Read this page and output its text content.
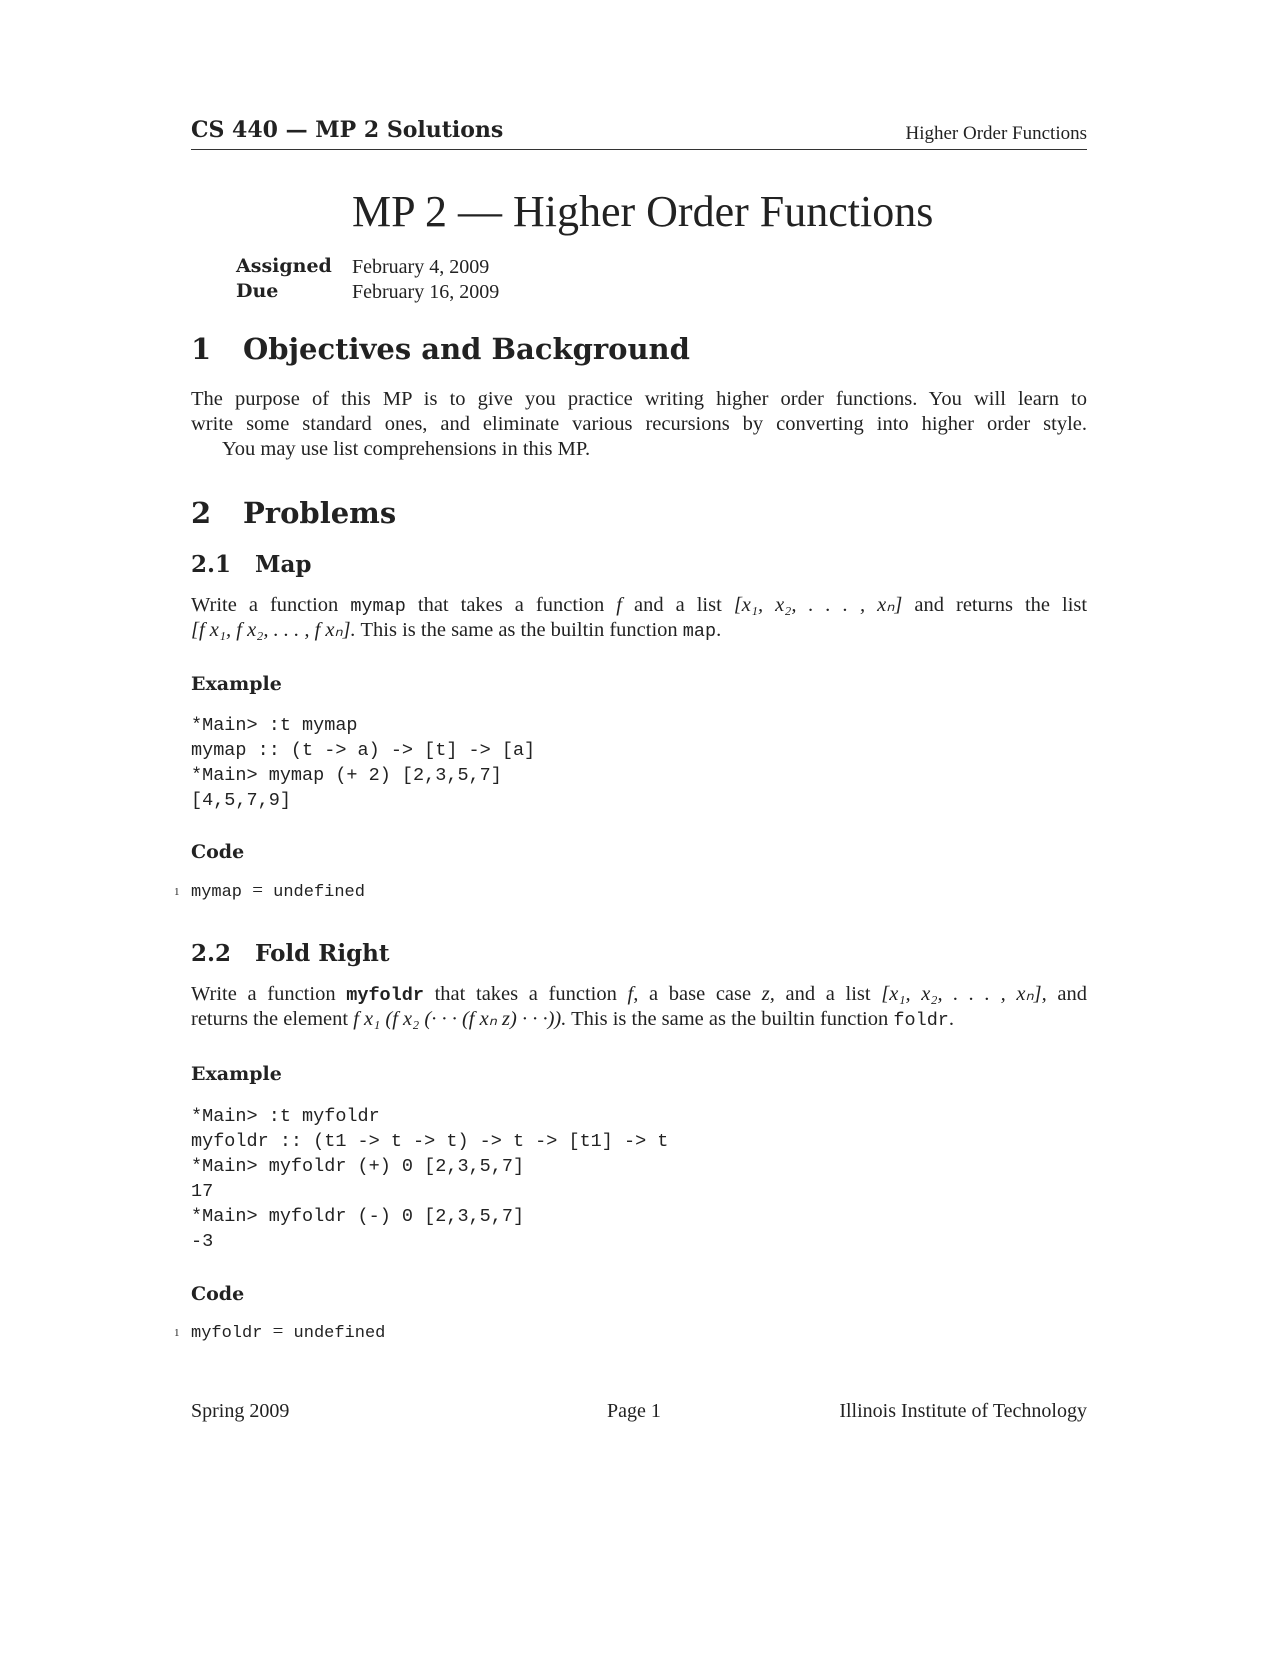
CS 440 — MP 2 Solutions	Higher Order Functions
MP 2 — Higher Order Functions
Assigned February 4, 2009
Due	February 16, 2009
1 Objectives and Background
The purpose of this MP is to give you practice writing higher order functions. You will learn to
write some standard ones, and eliminate various recursions by converting into higher order style.
You may use list comprehensions in this MP.
2 Problems
2.1 Map
Write a function mymap that takes a function f and a list [x₁, x₂, . . . , xₙ] and returns the list
[f x₁, f x₂, . . . , f xₙ]. This is the same as the builtin function map.
Example
*Main> :t mymap
mymap :: (t -> a) -> [t] -> [a]
*Main> mymap (+ 2) [2,3,5,7]
[4,5,7,9]
Code
1 mymap = undefined
2.2 Fold Right
Write a function myfoldr that takes a function f, a base case z, and a list [x₁, x₂, . . . , xₙ], and
returns the element f x₁ (f x₂ (· · · (f xₙ z) · · ·)). This is the same as the builtin function foldr.
Example
*Main> :t myfoldr
myfoldr :: (t1 -> t -> t) -> t -> [t1] -> t
*Main> myfoldr (+) 0 [2,3,5,7]
17
*Main> myfoldr (-) 0 [2,3,5,7]
-3
Code
1 myfoldr = undefined
Spring 2009	Page 1	Illinois Institute of Technology
